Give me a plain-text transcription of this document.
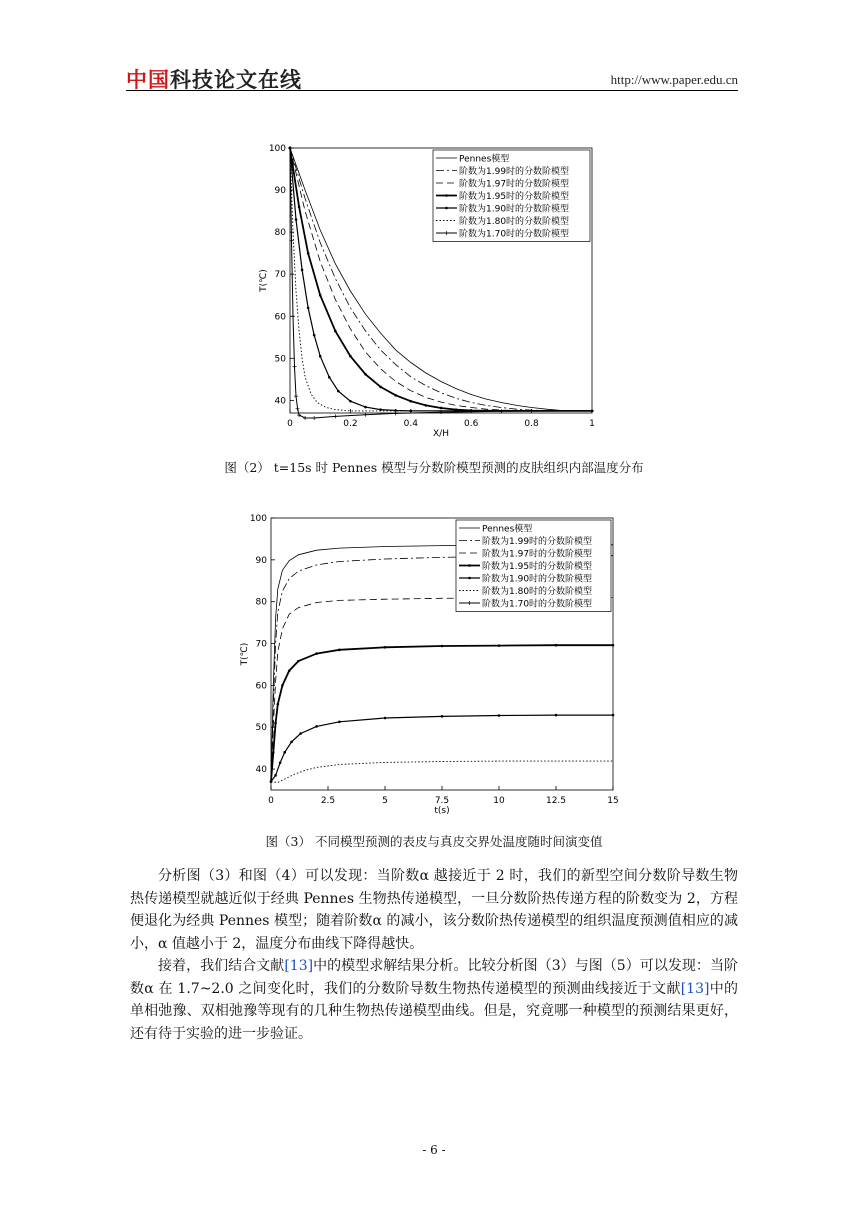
中国科技论文在线	http://www.paper.edu.cn
0	0.2	0.4	0.6	0.8	1
40
50
60
70
80
90
100
X/H
T(℃)
Pennes模型
阶数为1.99时的分数阶模型
阶数为1.97时的分数阶模型
阶数为1.95时的分数阶模型
阶数为1.90时的分数阶模型
阶数为1.80时的分数阶模型
阶数为1.70时的分数阶模型
0	2.5	5	7.5	10	12.5	15
40
50
60
70
80
90
100
t(s)
T(℃)
Pennes模型
阶数为1.99时的分数阶模型
阶数为1.97时的分数阶模型
阶数为1.95时的分数阶模型
阶数为1.90时的分数阶模型
阶数为1.80时的分数阶模型
阶数为1.70时的分数阶模型
图（2） t=15s 时 Pennes 模型与分数阶模型预测的皮肤组织内部温度分布
图（3） 不同模型预测的表皮与真皮交界处温度随时间演变值

分析图（3）和图（4）可以发现：当阶数α 越接近于 2 时，我们的新型空间分数阶导数生物热传递模型就越近似于经典 Pennes 生物热传递模型，一旦分数阶热传递方程的阶数变为 2，方程便退化为经典 Pennes 模型；随着阶数α 的减小，该分数阶热传递模型的组织温度预测值相应的减小，α 值越小于 2，温度分布曲线下降得越快。

接着，我们结合文献[13]中的模型求解结果分析。比较分析图（3）与图（5）可以发现：当阶数α 在 1.7~2.0 之间变化时，我们的分数阶导数生物热传递模型的预测曲线接近于文献[13]中的单相弛豫、双相弛豫等现有的几种生物热传递模型曲线。但是，究竟哪一种模型的预测结果更好，还有待于实验的进一步验证。

- 6 -
